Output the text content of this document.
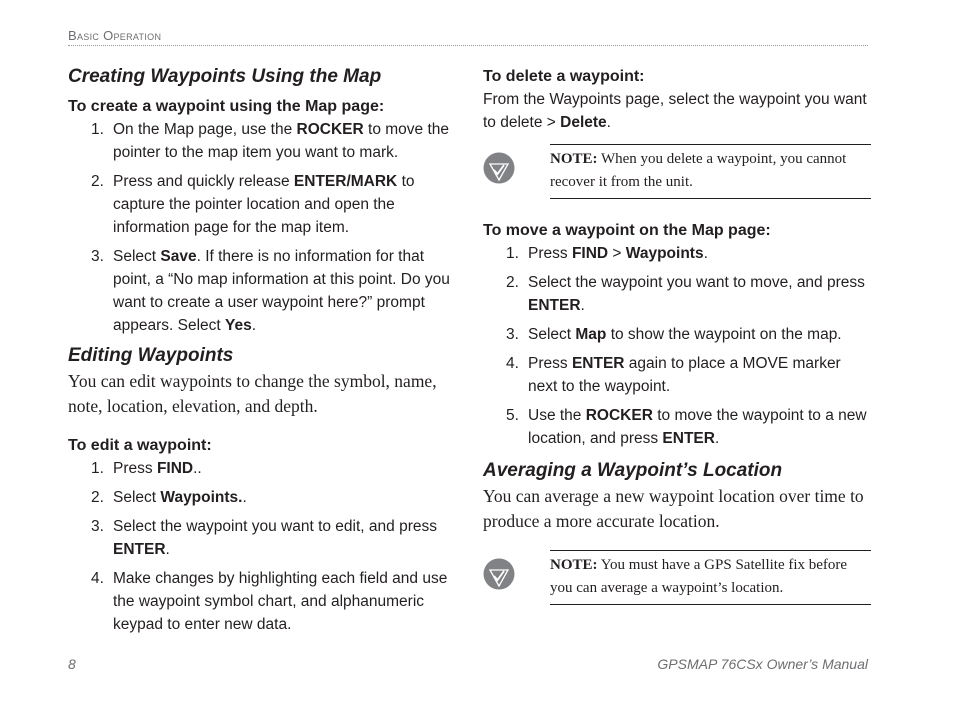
Basic Operation
Creating Waypoints Using the Map
To create a waypoint using the Map page:
1. On the Map page, use the ROCKER to move the pointer to the map item you want to mark.
2. Press and quickly release ENTER/MARK to capture the pointer location and open the information page for the map item.
3. Select Save. If there is no information for that point, a “No map information at this point. Do you want to create a user waypoint here?” prompt appears. Select Yes.
Editing Waypoints

You can edit waypoints to change the symbol, name, note, location, elevation, and depth.

To edit a waypoint:
1. Press FIND..
2. Select Waypoints..
3. Select the waypoint you want to edit, and press ENTER.
4. Make changes by highlighting each field and use the waypoint symbol chart, and alphanumeric keypad to enter new data.
To delete a waypoint:

From the Waypoints page, select the waypoint you want to delete > Delete.

NOTE: When you delete a waypoint, you cannot recover it from the unit.
To move a waypoint on the Map page:
1. Press FIND > Waypoints.
2. Select the waypoint you want to move, and press ENTER.
3. Select Map to show the waypoint on the map.
4. Press ENTER again to place a MOVE marker next to the waypoint.
5. Use the ROCKER to move the waypoint to a new location, and press ENTER.
Averaging a Waypoint’s Location

You can average a new waypoint location over time to produce a more accurate location.

NOTE: You must have a GPS Satellite fix before you can average a waypoint’s location.
8	GPSMAP 76CSx Owner’s Manual
